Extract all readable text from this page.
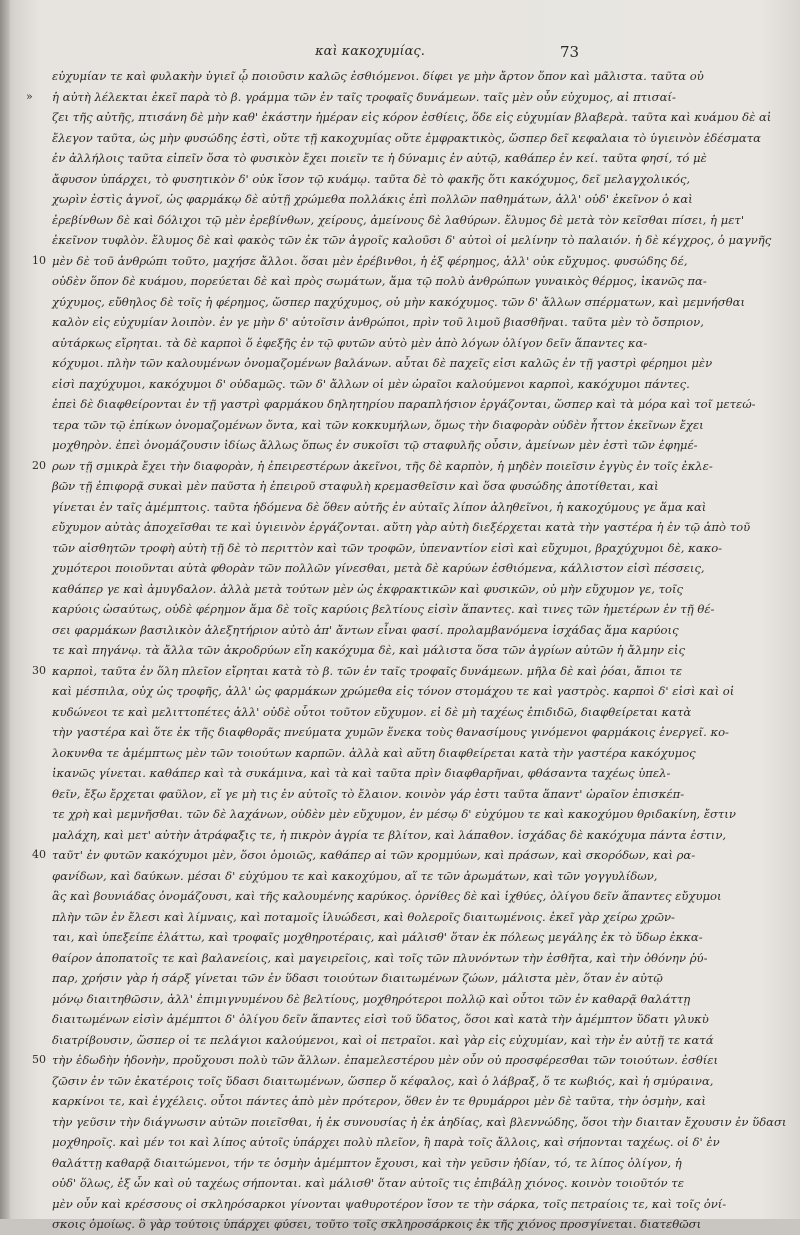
καὶ κακοχυμίας.	73
εὐχυμίαν τε καὶ φυλακὴν ὑγιεῖ ᾧ ποιοῦσιν καλῶς ἐσθιόμενοι. δίφει γε μὴν ἄρτον ὅπον καὶ μᾶλιστα. ταῦτα οὐ
» ἡ αὐτὴ λέλεκται ἐκεῖ παρὰ τὸ β. γράμμα τῶν ἐν ταῖς τροφαῖς δυνάμεων. ταῖς μὲν οὖν εὐχυμος, αἱ πτισαί-
ζει τῆς αὐτῆς, πτισάνη δὲ μὴν καθ' ἑκάστην ἡμέραν εἰς κόρον ἐσθίεις, ὅδε εἰς εὐχυμίαν βλαβερὰ. ταῦτα καὶ κυάμου δὲ αἱ
ἔλεγον ταῦτα, ὡς μὴν φυσώδης ἐστὶ, οὔτε τῇ κακοχυμίας οὔτε ἐμφρακτικὸς, ὥσπερ δεῖ κεφαλαια τὸ ὑγιεινὸν ἐδέσματα
ἐν ἀλλήλοις ταῦτα εἰπεῖν ὅσα τὸ φυσικὸν ἔχει ποιεῖν τε ἡ δύναμις ἐν αὐτῷ, καθάπερ ἐν κεί. ταῦτα φησί, τό μὲ
ἄφυσον ὑπάρχει, τὸ φυσητικὸν δ' οὐκ ἴσον τῷ κυάμῳ. ταῦτα δὲ τὸ φακῆς ὅτι κακόχυμος, δεῖ μελαγχολικός,
χωρὶν ἐστὶς ἀγνοῖ, ὡς φαρμάκῳ δὲ αὐτῇ χρώμεθα πολλάκις ἐπὶ πολλῶν παθημάτων, ἀλλ' οὐδ' ἐκεῖνον ὁ καὶ
ἐρεβίνθων δὲ καὶ δόλιχοι τῷ μὲν ἐρεβίνθων, χείρους, ἀμείνους δὲ λαθύρων. ἔλυμος δὲ μετὰ τὸν κεῖσθαι πίσει, ἡ μετ'
ἐκεῖνον τυφλὸν. ἔλυμος δὲ καὶ φακὸς τῶν ἐκ τῶν ἀγροῖς καλοῦσι δ' αὐτοὶ οἱ μελίνην τὸ παλαιόν. ἡ δὲ κέγχρος, ὁ μαγνῆς
10 μὲν δὲ τοῦ ἀνθρώπι τοῦτο, μαχήσε ἄλλοι. ὅσαι μὲν ἐρέβινθοι, ἡ ἐξ φέρημος, ἀλλ' οὐκ εὔχυμος. φυσώδης δέ,
οὐδὲν ὅπον δὲ κυάμου, πορεύεται δὲ καὶ πρὸς σωμάτων, ἅμα τῷ πολὺ ἀνθρώπων γυναικὸς θέρμος, ἱκανῶς πα-
χύχυμος, εὔθηλος δὲ τοῖς ἡ φέρημος, ὥσπερ παχύχυμος, οὐ μὴν κακόχυμος. τῶν δ' ἄλλων σπέρματων, καὶ μεμνήσθαι
καλὸν εἰς εὐχυμίαν λοιπὸν. ἐν γε μὴν δ' αὐτοῖσιν ἀνθρώποι, πρὶν τοῦ λιμοῦ βιασθῆναι. ταῦτα μὲν τὸ ὄσπριον,
αὐτάρκως εἴρηται. τὰ δὲ καρποὶ ὅ ἐφεξῆς ἐν τῷ φυτῶν αὐτὸ μὲν ἀπὸ λόγων ὀλίγον δεῖν ἅπαντες κα-
κόχυμοι. πλὴν τῶν καλουμένων ὀνομαζομένων βαλάνων. αὗται δὲ παχεῖς εἰσι καλῶς ἐν τῇ γαστρὶ φέρημοι μὲν
εἰσὶ παχύχυμοι, κακόχυμοι δ' οὐδαμῶς. τῶν δ' ἄλλων οἱ μὲν ὡραῖοι καλούμενοι καρποὶ, κακόχυμοι πάντες.
ἐπεὶ δὲ διαφθείρονται ἐν τῇ γαστρὶ φαρμάκου δηλητηρίου παραπλήσιον ἐργάζονται, ὥσπερ καὶ τὰ μόρα καὶ τοῖ μετεώ-
τερα τῶν τῷ ἐπίκων ὀνομαζομένων ὄντα, καὶ τῶν κοκκυμήλων, ὅμως τὴν διαφορὰν οὐδὲν ἧττον ἐκεῖνων ἔχει
μοχθηρὸν. ἐπεὶ ὀνομάζουσιν ἰδίως ἄλλως ὅπως ἐν συκοῖσι τῷ σταφυλῆς οὖσιν, ἀμείνων μὲν ἐστὶ τῶν ἐφημέ-
20 ρων τῇ σμικρὰ ἔχει τὴν διαφορὰν, ἡ ἐπειρεστέρων ἀκεῖνοι, τῆς δὲ καρπὸν, ἡ μηδὲν ποιεῖσιν ἐγγὺς ἐν τοῖς ἐκλε-
βῶν τῇ ἐπιφορᾷ συκαὶ μὲν παῦστα ἡ ἐπειροῦ σταφυλὴ κρεμασθεῖσιν καὶ ὅσα φυσώδης ἀποτίθεται, καὶ
γίνεται ἐν ταῖς ἀμέμπτοις. ταῦτα ἡδόμενα δὲ ὅθεν αὐτῆς ἐν αὐταῖς λίπον ἀληθεῖνοι, ἡ κακοχύμους γε ἅμα καὶ
εὔχυμον αὐτὰς ἀποχεῖσθαι τε καὶ ὑγιεινὸν ἐργάζονται. αὕτη γὰρ αὐτὴ διεξέρχεται κατὰ τὴν γαστέρα ἡ ἐν τῷ ἀπὸ τοῦ
τῶν αἰσθητῶν τροφὴ αὐτὴ τῇ δὲ τὸ περιττὸν καὶ τῶν τροφῶν, ὑπεναντίον εἰσὶ καὶ εὔχυμοι, βραχύχυμοι δὲ, κακο-
χυμότεροι ποιοῦνται αὐτὰ φθορὰν τῶν πολλῶν γίνεσθαι, μετὰ δὲ καρύων ἐσθιόμενα, κάλλιστον εἰσὶ πέσσεις,
καθάπερ γε καὶ ἀμυγδαλον. ἀλλὰ μετὰ τούτων μὲν ὡς ἐκφρακτικῶν καὶ φυσικῶν, οὐ μὴν εὔχυμον γε, τοῖς
καρύοις ὡσαύτως, οὐδὲ φέρημον ἅμα δὲ τοῖς καρύοις βελτίους εἰσὶν ἅπαντες. καὶ τινες τῶν ἡμετέρων ἐν τῇ θέ-
σει φαρμάκων βασιλικὸν ἀλεξητήριον αὐτὸ ἀπ' ἄντων εἶναι φασί. προλαμβανόμενα ἰσχάδας ἅμα καρύοις
τε καὶ πηγάνῳ. τὰ ἄλλα τῶν ἀκροδρύων εἴη κακόχυμα δὲ, καὶ μάλιστα ὅσα τῶν ἀγρίων αὐτῶν ἡ ἄλμην εἰς
30 καρποὶ, ταῦτα ἐν ὅλη πλεῖον εἴρηται κατὰ τὸ β. τῶν ἐν ταῖς τροφαῖς δυνάμεων. μῆλα δὲ καὶ ῥόαι, ἄπιοι τε
καὶ μέσπιλα, οὐχ ὡς τροφῆς, ἀλλ' ὡς φαρμάκων χρώμεθα εἰς τόνον στομάχου τε καὶ γαστρὸς. καρποὶ δ' εἰσὶ καὶ οἱ
κυδώνεοι τε καὶ μελιττοπέτες ἀλλ' οὐδὲ οὗτοι τοῦτον εὔχυμον. εἰ δὲ μὴ ταχέως ἐπιδιδῶ, διαφθείρεται κατὰ
τὴν γαστέρα καὶ ὅτε ἐκ τῆς διαφθορᾶς πνεύματα χυμῶν ἕνεκα τοὺς θανασίμους γινόμενοι φαρμάκοις ἐνεργεῖ. κο-
λοκυνθα τε ἀμέμπτως μὲν τῶν τοιούτων καρπῶν. ἀλλὰ καὶ αὕτη διαφθείρεται κατὰ τὴν γαστέρα κακόχυμος
ἱκανῶς γίνεται. καθάπερ καὶ τὰ συκάμινα, καὶ τὰ καὶ ταῦτα πρὶν διαφθαρῆναι, φθάσαντα ταχέως ὑπελ-
θεῖν, ἔξω ἔρχεται φαῦλον, εἴ γε μὴ τις ἐν αὐτοῖς τὸ ἔλαιον. κοινὸν γάρ ἐστι ταῦτα ἅπαντ' ὡραῖον ἐπισκέπ-
τε χρὴ καὶ μεμνῆσθαι. τῶν δὲ λαχάνων, οὐδὲν μὲν εὔχυμον, ἐν μέσῳ δ' εὐχύμου τε καὶ κακοχύμου θριδακίνη, ἔστιν
μαλάχη, καὶ μετ' αὐτὴν ἀτράφαξις τε, ἡ πικρὸν ἀγρία τε βλίτον, καὶ λάπαθον. ἰσχάδας δὲ κακόχυμα πάντα ἐστιν,
40 ταῦτ' ἐν φυτῶν κακόχυμοι μὲν, ὅσοι ὁμοιῶς, καθάπερ αἱ τῶν κρομμύων, καὶ πράσων, καὶ σκορόδων, καὶ ρα-
φανίδων, καὶ δαύκων. μέσαι δ' εὐχύμου τε καὶ κακοχύμου, αἵ τε τῶν ἀρωμάτων, καὶ τῶν γογγυλίδων,
ἃς καὶ βουνιάδας ὀνομάζουσι, καὶ τῆς καλουμένης καρύκος. ὀρνίθες δὲ καὶ ἰχθύες, ὀλίγου δεῖν ἅπαντες εὔχυμοι
πλὴν τῶν ἐν ἔλεσι καὶ λίμναις, καὶ ποταμοῖς ἰλυώδεσι, καὶ θολεροῖς διαιτωμένοις. ἐκεῖ γὰρ χείρω χρῶν-
ται, καὶ ὑπεξείπε ἐλάττω, καὶ τροφαῖς μοχθηροτέραις, καὶ μάλισθ' ὅταν ἐκ πόλεως μεγάλης ἐκ τὸ ὕδωρ ἐκκα-
θαίρον ἀποπατοῖς τε καὶ βαλανείοις, καὶ μαγειρεῖοις, καὶ τοῖς τῶν πλυνόντων τὴν ἐσθῆτα, καὶ τὴν ὀθόνην ῥύ-
παρ, χρήσιν γὰρ ἡ σάρξ γίνεται τῶν ἐν ὕδασι τοιούτων διαιτωμένων ζώων, μάλιστα μὲν, ὅταν ἐν αὐτῷ
μόνῳ διαιτηθῶσιν, ἀλλ' ἐπιμιγνυμένου δὲ βελτίους, μοχθηρότεροι πολλῷ καὶ οὗτοι τῶν ἐν καθαρᾷ θαλάττῃ
διαιτωμένων εἰσὶν ἀμέμπτοι δ' ὀλίγου δεῖν ἅπαντες εἰσὶ τοῦ ὕδατος, ὅσοι καὶ κατὰ τὴν ἀμέμπτον ὕδατι γλυκὺ
διατρίβουσιν, ὥσπερ οἱ τε πελάγιοι καλούμενοι, καὶ οἱ πετραῖοι. καὶ γὰρ εἰς εὐχυμίαν, καὶ τὴν ἐν αὐτῇ τε κατά
50 τὴν ἐδωδὴν ἡδονὴν, προὔχουσι πολὺ τῶν ἄλλων. ἐπαμελεστέρου μὲν οὖν οὐ προσφέρεσθαι τῶν τοιούτων. ἐσθίει
ζῶσιν ἐν τῶν ἑκατέροις τοῖς ὕδασι διαιτωμένων, ὥσπερ ὅ κέφαλος, καὶ ὁ λάβραξ, ὅ τε κωβιός, καὶ ἡ σμύραινα,
καρκίνοι τε, καὶ ἐγχέλεις. οὗτοι πάντες ἀπὸ μὲν πρότερον, ὅθεν ἐν τε θρυμάρροι μὲν δὲ ταῦτα, τὴν ὀσμὴν, καὶ
τὴν γεῦσιν τὴν διάγνωσιν αὐτῶν ποιεῖσθαι, ἡ ἐκ συνουσίας ἡ ἐκ ἀηδίας, καὶ βλεννώδης, ὅσοι τὴν διαιταν ἔχουσιν ἐν ὕδασι
μοχθηροῖς. καὶ μέν τοι καὶ λίπος αὐτοῖς ὑπάρχει πολὺ πλεῖον, ἢ παρὰ τοῖς ἄλλοις, καὶ σήπονται ταχέως. οἱ δ' ἐν
θαλάττῃ καθαρᾷ διαιτώμενοι, τήν τε ὀσμὴν ἀμέμπτον ἔχουσι, καὶ τὴν γεῦσιν ἡδίαν, τό, τε λίπος ὀλίγον, ἡ
οὐδ' ὅλως, ἐξ ὧν καὶ οὐ ταχέως σήπονται. καὶ μάλισθ' ὅταν αὐτοῖς τις ἐπιβάλῃ χιόνος. κοινὸν τοιοῦτόν τε
μὲν οὖν καὶ κρέσσους οἱ σκληρόσαρκοι γίνονται ψαθυροτέρον ἴσον τε τὴν σάρκα, τοῖς πετραίοις τε, καὶ τοῖς ὀνί-
σκοις ὁμοίως. ὃ γὰρ τούτοις ὑπάρχει φύσει, τοῦτο τοῖς σκληροσάρκοις ἐκ τῆς χιόνος προσγίνεται. διατεθῶσι
